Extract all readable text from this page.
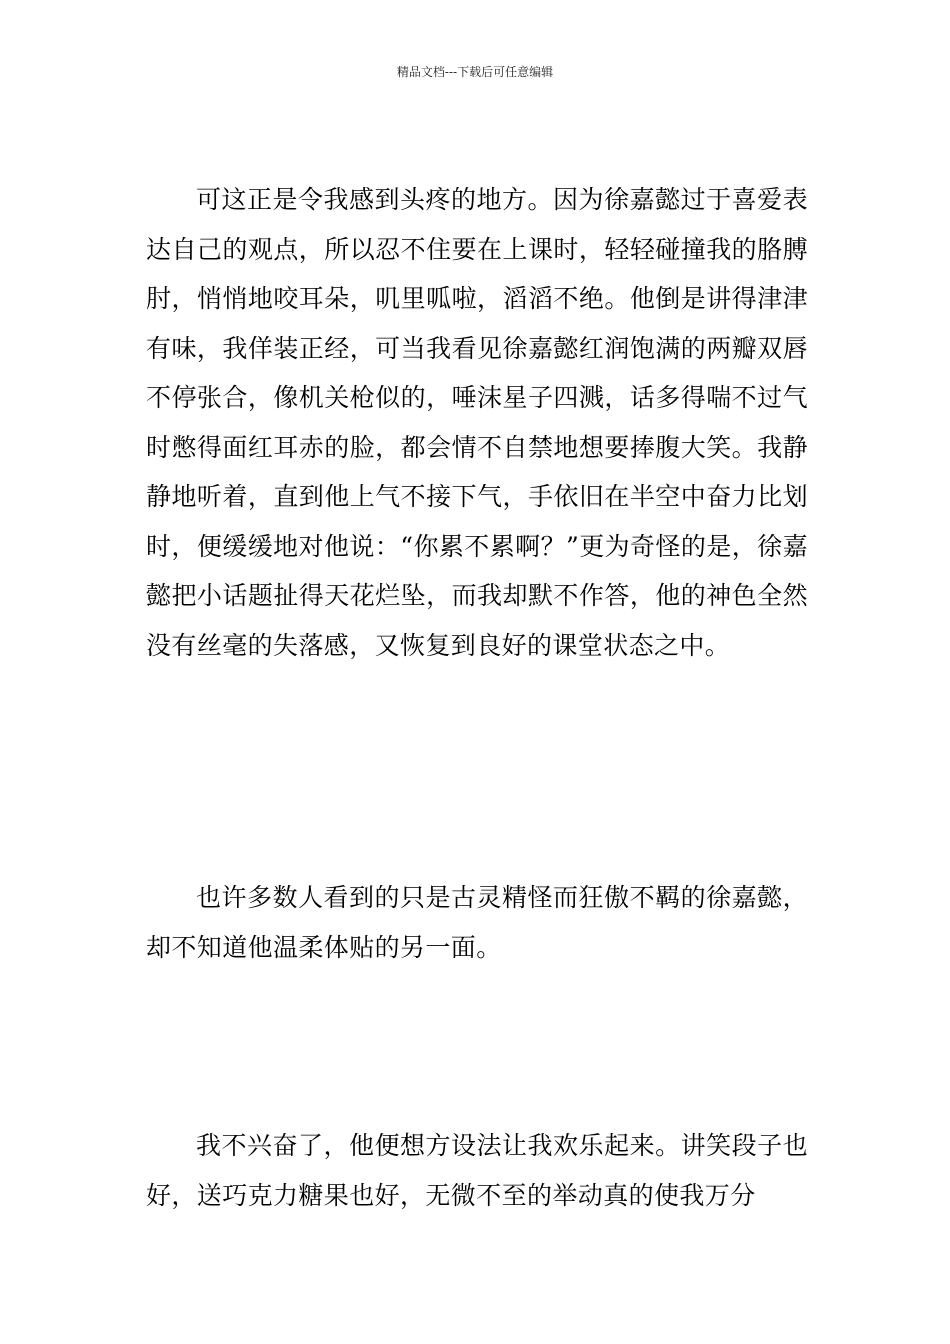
精品文档---下载后可任意编辑

可这正是令我感到头疼的地方。因为徐嘉懿过于喜爱表达自己的观点，所以忍不住要在上课时，轻轻碰撞我的胳膊肘，悄悄地咬耳朵，叽里呱啦，滔滔不绝。他倒是讲得津津有味，我佯装正经，可当我看见徐嘉懿红润饱满的两瓣双唇不停张合，像机关枪似的，唾沫星子四溅，话多得喘不过气时憋得面红耳赤的脸，都会情不自禁地想要捧腹大笑。我静静地听着，直到他上气不接下气，手依旧在半空中奋力比划时，便缓缓地对他说：“你累不累啊？”更为奇怪的是，徐嘉懿把小话题扯得天花烂坠，而我却默不作答，他的神色全然没有丝毫的失落感，又恢复到良好的课堂状态之中。

也许多数人看到的只是古灵精怪而狂傲不羁的徐嘉懿，却不知道他温柔体贴的另一面。

我不兴奋了，他便想方设法让我欢乐起来。讲笑段子也好，送巧克力糖果也好，无微不至的举动真的使我万分
